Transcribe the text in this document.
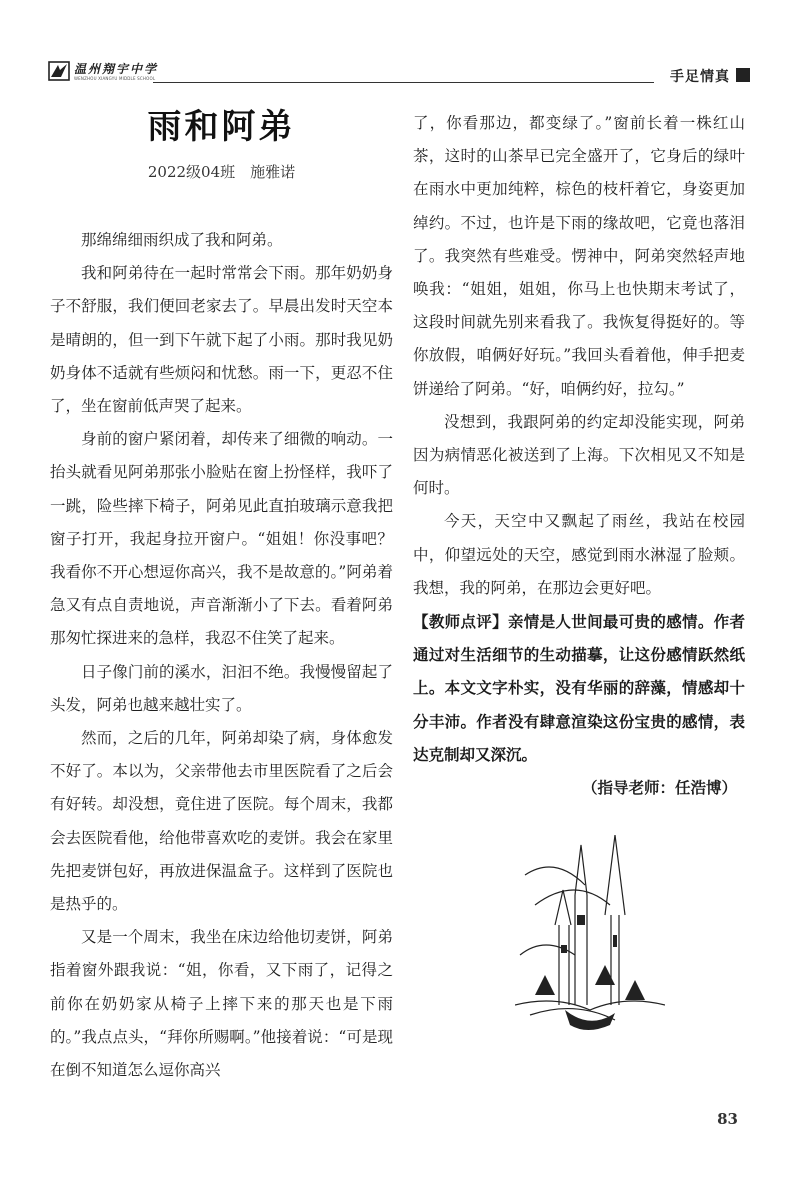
温州翔宇中学
WENZHOU XIANGYU MIDDLE SCHOOL	手足情真
雨和阿弟
2022级04班　施雅诺

那绵绵细雨织成了我和阿弟。

我和阿弟待在一起时常常会下雨。那年奶奶身子不舒服，我们便回老家去了。早晨出发时天空本是晴朗的，但一到下午就下起了小雨。那时我见奶奶身体不适就有些烦闷和忧愁。雨一下，更忍不住了，坐在窗前低声哭了起来。

身前的窗户紧闭着，却传来了细微的响动。一抬头就看见阿弟那张小脸贴在窗上扮怪样，我吓了一跳，险些摔下椅子，阿弟见此直拍玻璃示意我把窗子打开，我起身拉开窗户。“姐姐！你没事吧？我看你不开心想逗你高兴，我不是故意的。”阿弟着急又有点自责地说，声音渐渐小了下去。看着阿弟那匆忙探进来的急样，我忍不住笑了起来。

日子像门前的溪水，汩汩不绝。我慢慢留起了头发，阿弟也越来越壮实了。

然而，之后的几年，阿弟却染了病，身体愈发不好了。本以为，父亲带他去市里医院看了之后会有好转。却没想，竟住进了医院。每个周末，我都会去医院看他，给他带喜欢吃的麦饼。我会在家里先把麦饼包好，再放进保温盒子。这样到了医院也是热乎的。

又是一个周末，我坐在床边给他切麦饼，阿弟指着窗外跟我说：“姐，你看，又下雨了，记得之前你在奶奶家从椅子上摔下来的那天也是下雨的。”我点点头，“拜你所赐啊。”他接着说：“可是现在倒不知道怎么逗你高兴

了，你看那边，都变绿了。”窗前长着一株红山茶，这时的山茶早已完全盛开了，它身后的绿叶在雨水中更加纯粹，棕色的枝杆着它，身姿更加绰约。不过，也许是下雨的缘故吧，它竟也落泪了。我突然有些难受。愣神中，阿弟突然轻声地唤我：“姐姐，姐姐，你马上也快期末考试了，这段时间就先别来看我了。我恢复得挺好的。等你放假，咱俩好好玩。”我回头看着他，伸手把麦饼递给了阿弟。“好，咱俩约好，拉勾。”

没想到，我跟阿弟的约定却没能实现，阿弟因为病情恶化被送到了上海。下次相见又不知是何时。

今天，天空中又飘起了雨丝，我站在校园中，仰望远处的天空，感觉到雨水淋湿了脸颊。我想，我的阿弟，在那边会更好吧。

【教师点评】亲情是人世间最可贵的感情。作者通过对生活细节的生动描摹，让这份感情跃然纸上。本文文字朴实，没有华丽的辞藻，情感却十分丰沛。作者没有肆意渲染这份宝贵的感情，表达克制却又深沉。

（指导老师：任浩博）

83
